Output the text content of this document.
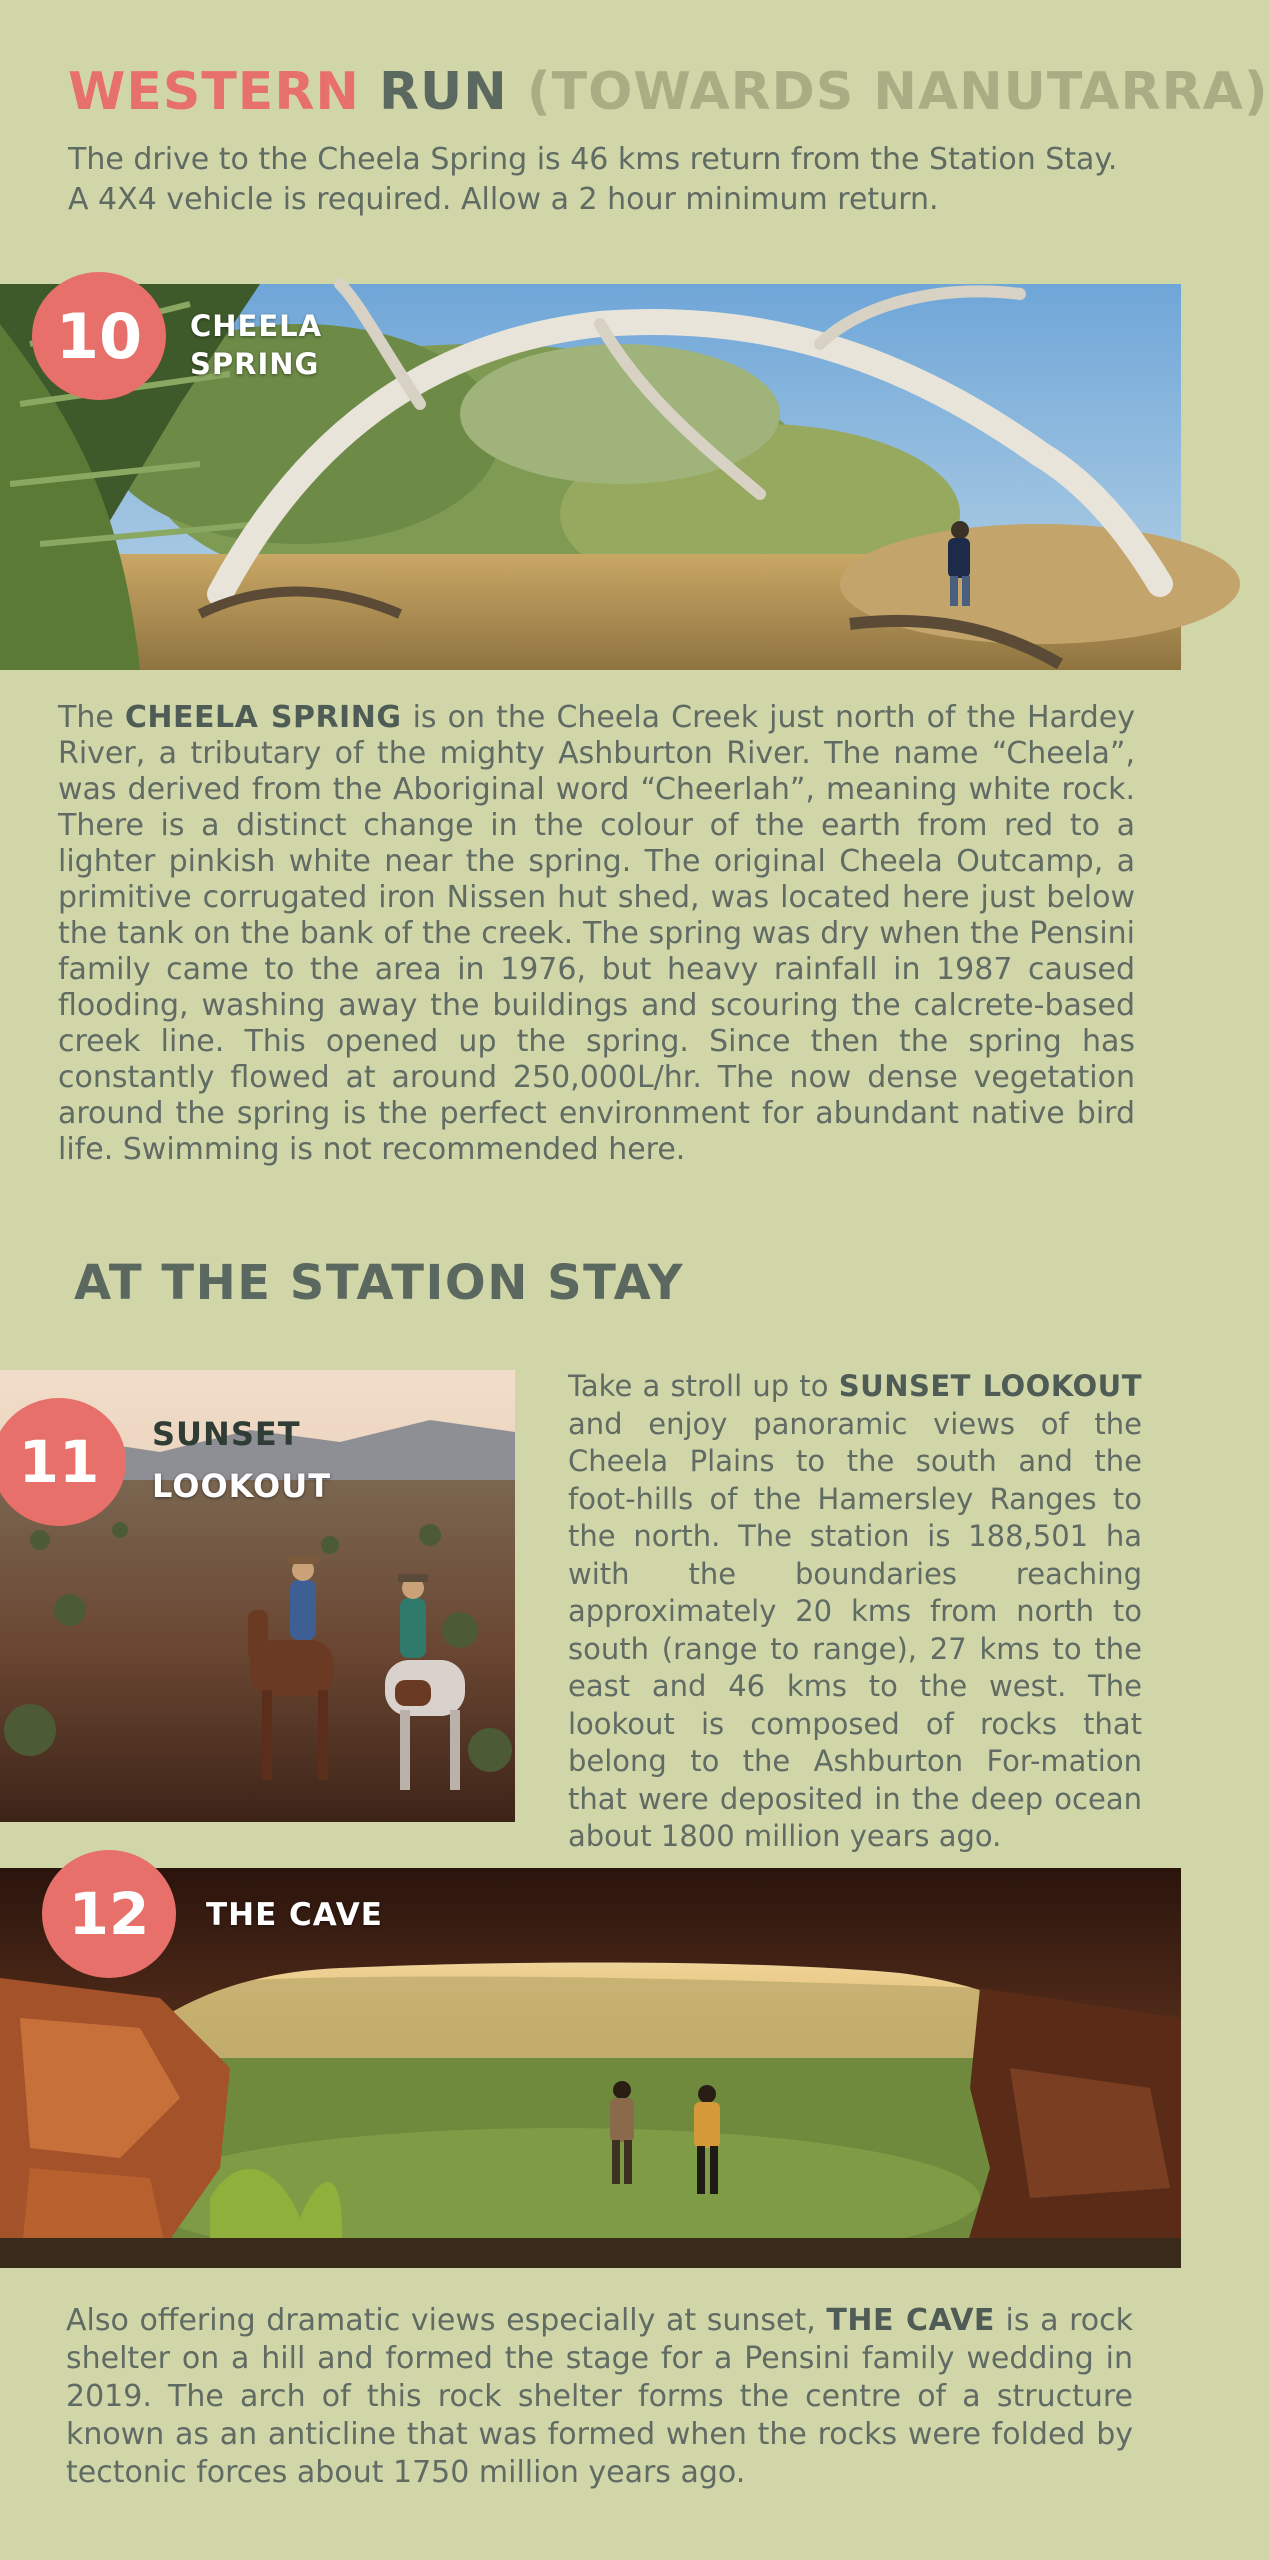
WESTERN RUN (TOWARDS NANUTARRA)
The drive to the Cheela Spring is 46 kms return from the Station Stay. A 4X4 vehicle is required. Allow a 2 hour minimum return.
10	CHEELA
SPRING
The CHEELA SPRING is on the Cheela Creek just north of the Hardey River, a tributary of the mighty Ashburton River. The name “Cheela”, was derived from the Aboriginal word “Cheerlah”, meaning white rock. There is a distinct change in the colour of the earth from red to a lighter pinkish white near the spring. The original Cheela Outcamp, a primitive corrugated iron Nissen hut shed, was located here just below the tank on the bank of the creek. The spring was dry when the Pensini family came to the area in 1976, but heavy rainfall in 1987 caused flooding, washing away the buildings and scouring the calcrete-based creek line. This opened up the spring. Since then the spring has constantly flowed at around 250,000L/hr. The now dense vegetation around the spring is the perfect environment for abundant native bird life. Swimming is not recommended here.
AT THE STATION STAY
11	SUNSET
LOOKOUT
Take a stroll up to SUNSET LOOKOUT and enjoy panoramic views of the Cheela Plains to the south and the foot-hills of the Hamersley Ranges to the north. The station is 188,501 ha with the boundaries reaching approximately 20 kms from north to south (range to range), 27 kms to the east and 46 kms to the west. The lookout is composed of rocks that belong to the Ashburton For-mation that were deposited in the deep ocean about 1800 million years ago.
12	THE CAVE
Also offering dramatic views especially at sunset, THE CAVE is a rock shelter on a hill and formed the stage for a Pensini family wedding in 2019. The arch of this rock shelter forms the centre of a structure known as an anticline that was formed when the rocks were folded by tectonic forces about 1750 million years ago.
